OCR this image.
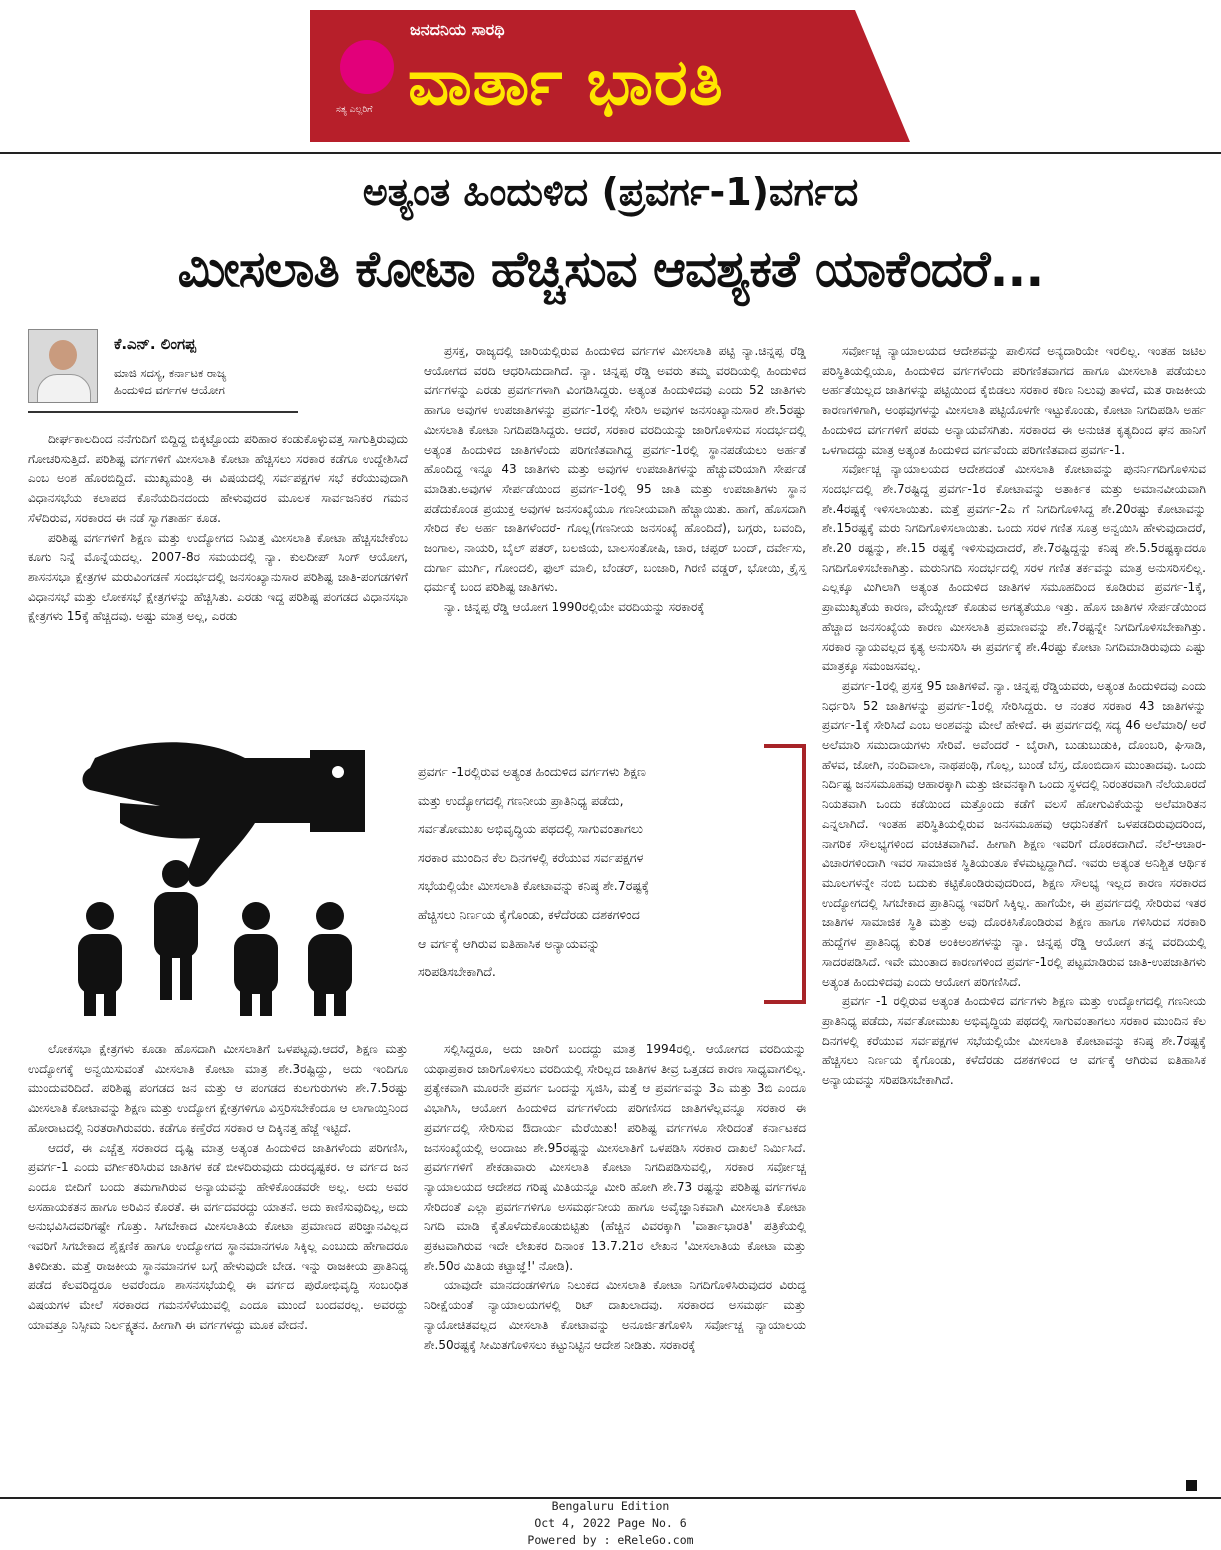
ಸತ್ಯ ಎಲ್ಲರಿಗೆ
ಜನದನಿಯ ಸಾರಥಿ
ವಾರ್ತಾ ಭಾರತಿ
ಅತ್ಯಂತ ಹಿಂದುಳಿದ (ಪ್ರವರ್ಗ-1)ವರ್ಗದ
ಮೀಸಲಾತಿ ಕೋಟಾ ಹೆಚ್ಚಿಸುವ ಆವಶ್ಯಕತೆ ಯಾಕೆಂದರೆ...
ಕೆ.ಎನ್. ಲಿಂಗಪ್ಪ
ಮಾಜಿ ಸದಸ್ಯ, ಕರ್ನಾಟಕ ರಾಜ್ಯ
ಹಿಂದುಳಿದ ವರ್ಗಗಳ ಆಯೋಗ

ದೀರ್ಘಕಾಲದಿಂದ ನನೆಗುದಿಗೆ ಬಿದ್ದಿದ್ದ ಬಿಕ್ಕಟ್ಟೊಂದು ಪರಿಹಾರ ಕಂಡುಕೊಳ್ಳುವತ್ತ ಸಾಗುತ್ತಿರುವುದು ಗೋಚರಿಸುತ್ತಿದೆ. ಪರಿಶಿಷ್ಟ ವರ್ಗಗಳಿಗೆ ಮೀಸಲಾತಿ ಕೋಟಾ ಹೆಚ್ಚಿಸಲು ಸರಕಾರ ಕಡೆಗೂ ಉದ್ದೇಶಿಸಿದೆ ಎಂಬ ಅಂಶ ಹೊರಬಿದ್ದಿದೆ. ಮುಖ್ಯಮಂತ್ರಿ ಈ ವಿಷಯದಲ್ಲಿ ಸರ್ವಪಕ್ಷಗಳ ಸಭೆ ಕರೆಯುವುದಾಗಿ ವಿಧಾನಸಭೆಯ ಕಲಾಪದ ಕೊನೆಯದಿನದಂದು ಹೇಳುವುದರ ಮೂಲಕ ಸಾರ್ವಜನಿಕರ ಗಮನ ಸೆಳೆದಿರುವ, ಸರಕಾರದ ಈ ನಡೆ ಸ್ವಾಗತಾರ್ಹ ಕೂಡ.

ಪರಿಶಿಷ್ಟ ವರ್ಗಗಳಿಗೆ ಶಿಕ್ಷಣ ಮತ್ತು ಉದ್ಯೋಗದ ನಿಮಿತ್ತ ಮೀಸಲಾತಿ ಕೋಟಾ ಹೆಚ್ಚಿಸಬೇಕೆಂಬ ಕೂಗು ನಿನ್ನೆ ಮೊನ್ನೆಯದಲ್ಲ. 2007-8ರ ಸಮಯದಲ್ಲಿ ನ್ಯಾ. ಕುಲದೀಪ್ ಸಿಂಗ್ ಆಯೋಗ, ಶಾಸನಸಭಾ ಕ್ಷೇತ್ರಗಳ ಮರುವಿಂಗಡಣೆ ಸಂದರ್ಭದಲ್ಲಿ ಜನಸಂಖ್ಯಾನುಸಾರ ಪರಿಶಿಷ್ಟ ಜಾತಿ-ಪಂಗಡಗಳಿಗೆ ವಿಧಾನಸಭೆ ಮತ್ತು ಲೋಕಸಭೆ ಕ್ಷೇತ್ರಗಳನ್ನು ಹೆಚ್ಚಿಸಿತು. ಎರಡು ಇದ್ದ ಪರಿಶಿಷ್ಟ ಪಂಗಡದ ವಿಧಾನಸಭಾ ಕ್ಷೇತ್ರಗಳು 15ಕ್ಕೆ ಹೆಚ್ಚಿದವು. ಅಷ್ಟು ಮಾತ್ರ ಅಲ್ಲ, ಎರಡು

ಲೋಕಸಭಾ ಕ್ಷೇತ್ರಗಳು ಕೂಡಾ ಹೊಸದಾಗಿ ಮೀಸಲಾತಿಗೆ ಒಳಪಟ್ಟವು.ಆದರೆ, ಶಿಕ್ಷಣ ಮತ್ತು ಉದ್ಯೋಗಕ್ಕೆ ಅನ್ವಯಿಸುವಂತೆ ಮೀಸಲಾತಿ ಕೋಟಾ ಮಾತ್ರ ಶೇ.3ರಷ್ಟಿದ್ದು, ಅದು ಇಂದಿಗೂ ಮುಂದುವರಿದಿದೆ. ಪರಿಶಿಷ್ಟ ಪಂಗಡದ ಜನ ಮತ್ತು ಆ ಪಂಗಡದ ಕುಲಗುರುಗಳು ಶೇ.7.5ರಷ್ಟು ಮೀಸಲಾತಿ ಕೋಟಾವನ್ನು ಶಿಕ್ಷಣ ಮತ್ತು ಉದ್ಯೋಗ ಕ್ಷೇತ್ರಗಳಿಗೂ ವಿಸ್ತರಿಸಬೇಕೆಂದೂ ಆ ಲಾಗಾಯ್ತಿನಿಂದ ಹೋರಾಟದಲ್ಲಿ ನಿರತರಾಗಿರುವರು. ಕಡೆಗೂ ಕಣ್ತೆರೆದ ಸರಕಾರ ಆ ದಿಕ್ಕಿನತ್ತ ಹೆಜ್ಜೆ ಇಟ್ಟಿದೆ.

ಆದರೆ, ಈ ಎಚ್ಚೆತ್ತ ಸರಕಾರದ ದೃಷ್ಟಿ ಮಾತ್ರ ಅತ್ಯಂತ ಹಿಂದುಳಿದ ಜಾತಿಗಳೆಂದು ಪರಿಗಣಿಸಿ, ಪ್ರವರ್ಗ-1 ಎಂದು ವರ್ಗೀಕರಿಸಿರುವ ಜಾತಿಗಳ ಕಡೆ ಬೀಳದಿರುವುದು ದುರದೃಷ್ಟಕರ. ಆ ವರ್ಗದ ಜನ ಎಂದೂ ಬೀದಿಗೆ ಬಂದು ತಮಗಾಗಿರುವ ಅನ್ಯಾಯವನ್ನು ಹೇಳಿಕೊಂಡವರೇ ಅಲ್ಲ. ಅದು ಅವರ ಅಸಹಾಯಕತನ ಹಾಗೂ ಅರಿವಿನ ಕೊರತೆ. ಈ ವರ್ಗದವರದ್ದು ಯಾತನೆ. ಅದು ಕಾಣಿಸುವುದಿಲ್ಲ, ಅದು ಅನುಭವಿಸಿದವರಿಗಷ್ಟೇ ಗೊತ್ತು. ಸಿಗಬೇಕಾದ ಮೀಸಲಾತಿಯ ಕೋಟಾ ಪ್ರಮಾಣದ ಪರಿಜ್ಞಾನವಿಲ್ಲದ ಇವರಿಗೆ ಸಿಗಬೇಕಾದ ಶೈಕ್ಷಣಿಕ ಹಾಗೂ ಉದ್ಯೋಗದ ಸ್ಥಾನಮಾನಗಳೂ ಸಿಕ್ಕಿಲ್ಲ ಎಂಬುದು ಹೇಗಾದರೂ ತಿಳಿದೀತು. ಮತ್ತೆ ರಾಜಕೀಯ ಸ್ಥಾನಮಾನಗಳ ಬಗ್ಗೆ ಹೇಳುವುದೇ ಬೇಡ. ಇನ್ನು ರಾಜಕೀಯ ಪ್ರಾತಿನಿಧ್ಯ ಪಡೆದ ಕೆಲವರಿದ್ದರೂ ಅವರೆಂದೂ ಶಾಸನಸಭೆಯಲ್ಲಿ ಈ ವರ್ಗದ ಪುರೋಭಿವೃದ್ಧಿ ಸಂಬಂಧಿತ ವಿಷಯಗಳ ಮೇಲೆ ಸರಕಾರದ ಗಮನಸೆಳೆಯುವಲ್ಲಿ ಎಂದೂ ಮುಂದೆ ಬಂದವರಲ್ಲ. ಅವರದ್ದು ಯಾವತ್ತೂ ನಿಸ್ಸೀಮ ನಿರ್ಲಕ್ಷ್ಯತನ. ಹೀಗಾಗಿ ಈ ವರ್ಗಗಳದ್ದು ಮೂಕ ವೇದನೆ.

ಪ್ರಸಕ್ತ, ರಾಜ್ಯದಲ್ಲಿ ಜಾರಿಯಲ್ಲಿರುವ ಹಿಂದುಳಿದ ವರ್ಗಗಳ ಮೀಸಲಾತಿ ಪಟ್ಟಿ ನ್ಯಾ.ಚಿನ್ನಪ್ಪ ರೆಡ್ಡಿ ಆಯೋಗದ ವರದಿ ಆಧರಿಸಿದುದಾಗಿದೆ. ನ್ಯಾ. ಚಿನ್ನಪ್ಪ ರೆಡ್ಡಿ ಅವರು ತಮ್ಮ ವರದಿಯಲ್ಲಿ ಹಿಂದುಳಿದ ವರ್ಗಗಳನ್ನು ಎರಡು ಪ್ರವರ್ಗಗಳಾಗಿ ವಿಂಗಡಿಸಿದ್ದರು. ಅತ್ಯಂತ ಹಿಂದುಳಿದವು ಎಂದು 52 ಜಾತಿಗಳು ಹಾಗೂ ಅವುಗಳ ಉಪಜಾತಿಗಳನ್ನು ಪ್ರವರ್ಗ-1ರಲ್ಲಿ ಸೇರಿಸಿ ಅವುಗಳ ಜನಸಂಖ್ಯಾನುಸಾರ ಶೇ.5ರಷ್ಟು ಮೀಸಲಾತಿ ಕೋಟಾ ನಿಗದಿಪಡಿಸಿದ್ದರು. ಆದರೆ, ಸರಕಾರ ವರದಿಯನ್ನು ಜಾರಿಗೊಳಿಸುವ ಸಂದರ್ಭದಲ್ಲಿ ಅತ್ಯಂತ ಹಿಂದುಳಿದ ಜಾತಿಗಳೆಂದು ಪರಿಗಣಿತವಾಗಿದ್ದ ಪ್ರವರ್ಗ-1ರಲ್ಲಿ ಸ್ಥಾನಪಡೆಯಲು ಅರ್ಹತೆ ಹೊಂದಿದ್ದ ಇನ್ನೂ 43 ಜಾತಿಗಳು ಮತ್ತು ಅವುಗಳ ಉಪಜಾತಿಗಳನ್ನು ಹೆಚ್ಚುವರಿಯಾಗಿ ಸೇರ್ಪಡೆ ಮಾಡಿತು.ಅವುಗಳ ಸೇರ್ಪಡೆಯಿಂದ ಪ್ರವರ್ಗ-1ರಲ್ಲಿ 95 ಜಾತಿ ಮತ್ತು ಉಪಜಾತಿಗಳು ಸ್ಥಾನ ಪಡೆದುಕೊಂಡ ಪ್ರಯುಕ್ತ ಅವುಗಳ ಜನಸಂಖ್ಯೆಯೂ ಗಣನೀಯವಾಗಿ ಹೆಚ್ಚಾಯಿತು. ಹಾಗೆ, ಹೊಸದಾಗಿ ಸೇರಿದ ಕೆಲ ಅರ್ಹ ಜಾತಿಗಳೆಂದರೆ- ಗೊಲ್ಲ(ಗಣನೀಯ ಜನಸಂಖ್ಯೆ ಹೊಂದಿದೆ), ಬಗ್ಗರು, ಬವಂದಿ, ಜಂಗಾಲ, ನಾಯರಿ, ಬೈಲ್ ಪತರ್, ಬಲಜಿಯ, ಬಾಲಸಂತೋಷಿ, ಚಾರ, ಚಪ್ಪರ್ ಬಂದ್, ದರ್ವೇಸು, ದುರ್ಗಾ ಮುರ್ಗಿ, ಗೋಂದಲಿ, ಫುಲ್ ಮಾಲಿ, ಬೆಂಡರ್, ಬಂಜಾರಿ, ಗಿರಣಿ ವಡ್ಡರ್, ಭೋಯಿ, ಕ್ರೈಸ್ತ ಧರ್ಮಕ್ಕೆ ಬಂದ ಪರಿಶಿಷ್ಟ ಜಾತಿಗಳು.

ನ್ಯಾ. ಚಿನ್ನಪ್ಪ ರೆಡ್ಡಿ ಆಯೋಗ 1990ರಲ್ಲಿಯೇ ವರದಿಯನ್ನು ಸರಕಾರಕ್ಕೆ

ಪ್ರವರ್ಗ -1ರಲ್ಲಿರುವ ಅತ್ಯಂತ ಹಿಂದುಳಿದ ವರ್ಗಗಳು ಶಿಕ್ಷಣ
ಮತ್ತು ಉದ್ಯೋಗದಲ್ಲಿ ಗಣನೀಯ ಪ್ರಾತಿನಿಧ್ಯ ಪಡೆದು,
ಸರ್ವತೋಮುಖ ಅಭಿವೃದ್ಧಿಯ ಪಥದಲ್ಲಿ ಸಾಗುವಂತಾಗಲು
ಸರಕಾರ ಮುಂದಿನ ಕೆಲ ದಿನಗಳಲ್ಲಿ ಕರೆಯುವ ಸರ್ವಪಕ್ಷಗಳ
ಸಭೆಯಲ್ಲಿಯೇ ಮೀಸಲಾತಿ ಕೋಟಾವನ್ನು ಕನಿಷ್ಠ ಶೇ.7ರಷ್ಟಕ್ಕೆ
ಹೆಚ್ಚಿಸಲು ನಿರ್ಣಯ ಕೈಗೊಂಡು, ಕಳೆದೆರಡು ದಶಕಗಳಿಂದ
ಆ ವರ್ಗಕ್ಕೆ ಆಗಿರುವ ಐತಿಹಾಸಿಕ ಅನ್ಯಾಯವನ್ನು
ಸರಿಪಡಿಸಬೇಕಾಗಿದೆ.

ಸಲ್ಲಿಸಿದ್ದರೂ, ಅದು ಜಾರಿಗೆ ಬಂದದ್ದು ಮಾತ್ರ 1994ರಲ್ಲಿ. ಆಯೋಗದ ವರದಿಯನ್ನು ಯಥಾಪ್ರಕಾರ ಜಾರಿಗೊಳಿಸಲು ವರದಿಯಲ್ಲಿ ಸೇರಿಲ್ಲದ ಜಾತಿಗಳ ತೀವ್ರ ಒತ್ತಡದ ಕಾರಣ ಸಾಧ್ಯವಾಗಲಿಲ್ಲ. ಪ್ರತ್ಯೇಕವಾಗಿ ಮೂರನೇ ಪ್ರವರ್ಗ ಒಂದನ್ನು ಸೃಜಿಸಿ, ಮತ್ತೆ ಆ ಪ್ರವರ್ಗವನ್ನು 3ಎ ಮತ್ತು 3ಬಿ ಎಂದೂ ವಿಭಾಗಿಸಿ, ಆಯೋಗ ಹಿಂದುಳಿದ ವರ್ಗಗಳೆಂದು ಪರಿಗಣಿಸದ ಜಾತಿಗಳೆಲ್ಲವನ್ನೂ ಸರಕಾರ ಈ ಪ್ರವರ್ಗದಲ್ಲಿ ಸೇರಿಸುವ ಔದಾರ್ಯ ಮೆರೆಯಿತು! ಪರಿಶಿಷ್ಟ ವರ್ಗಗಳೂ ಸೇರಿದಂತೆ ಕರ್ನಾಟಕದ ಜನಸಂಖ್ಯೆಯಲ್ಲಿ ಅಂದಾಜು ಶೇ.95ರಷ್ಟನ್ನು ಮೀಸಲಾತಿಗೆ ಒಳಪಡಿಸಿ ಸರಕಾರ ದಾಖಲೆ ನಿರ್ಮಿಸಿದೆ. ಪ್ರವರ್ಗಗಳಿಗೆ ಶೇಕಡಾವಾರು ಮೀಸಲಾತಿ ಕೋಟಾ ನಿಗದಿಪಡಿಸುವಲ್ಲಿ, ಸರಕಾರ ಸರ್ವೋಚ್ಚ ನ್ಯಾಯಾಲಯದ ಆದೇಶದ ಗರಿಷ್ಠ ಮಿತಿಯನ್ನೂ ಮೀರಿ ಹೋಗಿ ಶೇ.73 ರಷ್ಟನ್ನು ಪರಿಶಿಷ್ಟ ವರ್ಗಗಳೂ ಸೇರಿದಂತೆ ಎಲ್ಲಾ ಪ್ರವರ್ಗಗಳಿಗೂ ಅಸಮರ್ಥನೀಯ ಹಾಗೂ ಅವೈಜ್ಞಾನಿಕವಾಗಿ ಮೀಸಲಾತಿ ಕೋಟಾ ನಿಗದಿ ಮಾಡಿ ಕೈತೊಳೆದುಕೊಂಡುಬಿಟ್ಟಿತು (ಹೆಚ್ಚಿನ ವಿವರಕ್ಕಾಗಿ 'ವಾರ್ತಾಭಾರತಿ' ಪತ್ರಿಕೆಯಲ್ಲಿ ಪ್ರಕಟವಾಗಿರುವ ಇದೇ ಲೇಖಕರ ದಿನಾಂಕ 13.7.21ರ ಲೇಖನ 'ಮೀಸಲಾತಿಯ ಕೋಟಾ ಮತ್ತು ಶೇ.50ರ ಮಿತಿಯ ಕಟ್ಟಾಜ್ಞೆ!' ನೋಡಿ).

ಯಾವುದೇ ಮಾನದಂಡಗಳಿಗೂ ನಿಲುಕದ ಮೀಸಲಾತಿ ಕೋಟಾ ನಿಗದಿಗೊಳಿಸಿರುವುದರ ವಿರುದ್ಧ ನಿರೀಕ್ಷೆಯಂತೆ ನ್ಯಾಯಾಲಯಗಳಲ್ಲಿ ರಿಟ್ ದಾಖಲಾದವು. ಸರಕಾರದ ಅಸಮರ್ಥ ಮತ್ತು ನ್ಯಾಯೋಚಿತವಲ್ಲದ ಮೀಸಲಾತಿ ಕೋಟಾವನ್ನು ಅನೂರ್ಜಿತಗೊಳಿಸಿ ಸರ್ವೋಚ್ಚ ನ್ಯಾಯಾಲಯ ಶೇ.50ರಷ್ಟಕ್ಕೆ ಸೀಮಿತಗೊಳಿಸಲು ಕಟ್ಟುನಿಟ್ಟಿನ ಆದೇಶ ನೀಡಿತು. ಸರಕಾರಕ್ಕೆ

ಸರ್ವೋಚ್ಚ ನ್ಯಾಯಾಲಯದ ಆದೇಶವನ್ನು ಪಾಲಿಸದೆ ಅನ್ಯದಾರಿಯೇ ಇರಲಿಲ್ಲ. ಇಂತಹ ಜಟಿಲ ಪರಿಸ್ಥಿತಿಯಲ್ಲಿಯೂ, ಹಿಂದುಳಿದ ವರ್ಗಗಳೆಂದು ಪರಿಗಣಿತವಾಗದ ಹಾಗೂ ಮೀಸಲಾತಿ ಪಡೆಯಲು ಅರ್ಹತೆಯಿಲ್ಲದ ಜಾತಿಗಳನ್ನು ಪಟ್ಟಿಯಿಂದ ಕೈಬಿಡಲು ಸರಕಾರ ಕಠಿಣ ನಿಲುವು ತಾಳದೆ, ಮತ ರಾಜಕೀಯ ಕಾರಣಗಳಿಗಾಗಿ, ಅಂಥವುಗಳನ್ನು ಮೀಸಲಾತಿ ಪಟ್ಟಿಯೊಳಗೇ ಇಟ್ಟುಕೊಂಡು, ಕೋಟಾ ನಿಗದಿಪಡಿಸಿ ಅರ್ಹ ಹಿಂದುಳಿದ ವರ್ಗಗಳಿಗೆ ಪರಮ ಅನ್ಯಾಯವೆಸಗಿತು. ಸರಕಾರದ ಈ ಅನುಚಿತ ಕೃತ್ಯದಿಂದ ಘನ ಹಾನಿಗೆ ಒಳಗಾದದ್ದು ಮಾತ್ರ ಅತ್ಯಂತ ಹಿಂದುಳಿದ ವರ್ಗವೆಂದು ಪರಿಗಣಿತವಾದ ಪ್ರವರ್ಗ-1.

ಸರ್ವೋಚ್ಚ ನ್ಯಾಯಾಲಯದ ಆದೇಶದಂತೆ ಮೀಸಲಾತಿ ಕೋಟಾವನ್ನು ಪುನರ್ನಿಗದಿಗೊಳಿಸುವ ಸಂದರ್ಭದಲ್ಲಿ ಶೇ.7ರಷ್ಟಿದ್ದ ಪ್ರವರ್ಗ-1ರ ಕೋಟಾವನ್ನು ಅತಾರ್ಕಿಕ ಮತ್ತು ಅಮಾನವೀಯವಾಗಿ ಶೇ.4ರಷ್ಟಕ್ಕೆ ಇಳಿಸಲಾಯಿತು. ಮತ್ತೆ ಪ್ರವರ್ಗ-2ಎ ಗೆ ನಿಗದಿಗೊಳಿಸಿದ್ದ ಶೇ.20ರಷ್ಟು ಕೋಟಾವನ್ನು ಶೇ.15ರಷ್ಟಕ್ಕೆ ಮರು ನಿಗದಿಗೊಳಿಸಲಾಯಿತು. ಒಂದು ಸರಳ ಗಣಿತ ಸೂತ್ರ ಅನ್ವಯಿಸಿ ಹೇಳುವುದಾದರೆ, ಶೇ.20 ರಷ್ಟನ್ನು, ಶೇ.15 ರಷ್ಟಕ್ಕೆ ಇಳಿಸುವುದಾದರೆ, ಶೇ.7ರಷ್ಟಿದ್ದನ್ನು ಕನಿಷ್ಠ ಶೇ.5.5ರಷ್ಟಕ್ಕಾದರೂ ನಿಗದಿಗೊಳಿಸಬೇಕಾಗಿತ್ತು. ಮರುನಿಗದಿ ಸಂದರ್ಭದಲ್ಲಿ ಸರಳ ಗಣಿತ ತರ್ಕವನ್ನು ಮಾತ್ರ ಅನುಸರಿಸಲಿಲ್ಲ. ಎಲ್ಲಕ್ಕೂ ಮಿಗಿಲಾಗಿ ಅತ್ಯಂತ ಹಿಂದುಳಿದ ಜಾತಿಗಳ ಸಮೂಹದಿಂದ ಕೂಡಿರುವ ಪ್ರವರ್ಗ-1ಕ್ಕೆ, ಪ್ರಾಮುಖ್ಯತೆಯ ಕಾರಣ, ವೇಯ್ಟೇಜ್ ಕೊಡುವ ಅಗತ್ಯತೆಯೂ ಇತ್ತು. ಹೊಸ ಜಾತಿಗಳ ಸೇರ್ಪಡೆಯಿಂದ ಹೆಚ್ಚಾದ ಜನಸಂಖ್ಯೆಯ ಕಾರಣ ಮೀಸಲಾತಿ ಪ್ರಮಾಣವನ್ನು ಶೇ.7ರಷ್ಟನ್ನೇ ನಿಗದಿಗೊಳಿಸಬೇಕಾಗಿತ್ತು. ಸರಕಾರ ನ್ಯಾಯವಲ್ಲದ ಕೃತ್ಯ ಅನುಸರಿಸಿ ಈ ಪ್ರವರ್ಗಕ್ಕೆ ಶೇ.4ರಷ್ಟು ಕೋಟಾ ನಿಗದಿಮಾಡಿರುವುದು ಎಷ್ಟು ಮಾತ್ರಕ್ಕೂ ಸಮಂಜಸವಲ್ಲ.

ಪ್ರವರ್ಗ-1ರಲ್ಲಿ ಪ್ರಸಕ್ತ 95 ಜಾತಿಗಳಿವೆ. ನ್ಯಾ. ಚಿನ್ನಪ್ಪ ರೆಡ್ಡಿಯವರು, ಅತ್ಯಂತ ಹಿಂದುಳಿದವು ಎಂದು ನಿರ್ಧರಿಸಿ 52 ಜಾತಿಗಳನ್ನು ಪ್ರವರ್ಗ-1ರಲ್ಲಿ ಸೇರಿಸಿದ್ದರು. ಆ ನಂತರ ಸರಕಾರ 43 ಜಾತಿಗಳನ್ನು ಪ್ರವರ್ಗ-1ಕ್ಕೆ ಸೇರಿಸಿದೆ ಎಂಬ ಅಂಶವನ್ನು ಮೇಲೆ ಹೇಳಿದೆ. ಈ ಪ್ರವರ್ಗದಲ್ಲಿ ಸದ್ಯ 46 ಅಲೆಮಾರಿ/ ಅರೆ ಅಲೆಮಾರಿ ಸಮುದಾಯಗಳು ಸೇರಿವೆ. ಅವೆಂದರೆ - ಬೈರಾಗಿ, ಬುಡುಬುಡುಕಿ, ದೊಂಬರಿ, ಘಿಸಾಡಿ, ಹೆಳವ, ಜೋಗಿ, ನಂದಿವಾಲಾ, ನಾಥಪಂಥಿ, ಗೊಲ್ಲ, ಬುಂಡೆ ಬೆಸ್ತ, ದೊಂಬಿದಾಸ ಮುಂತಾದವು. ಒಂದು ನಿರ್ದಿಷ್ಟ ಜನಸಮೂಹವು ಆಹಾರಕ್ಕಾಗಿ ಮತ್ತು ಜೀವನಕ್ಕಾಗಿ ಒಂದು ಸ್ಥಳದಲ್ಲಿ ನಿರಂತರವಾಗಿ ನೆಲೆಯೂರದೆ ನಿಯತವಾಗಿ ಒಂದು ಕಡೆಯಿಂದ ಮತ್ತೊಂದು ಕಡೆಗೆ ವಲಸೆ ಹೋಗುವಿಕೆಯನ್ನು ಅಲೆಮಾರಿತನ ಎನ್ನಲಾಗಿದೆ. ಇಂತಹ ಪರಿಸ್ಥಿತಿಯಲ್ಲಿರುವ ಜನಸಮೂಹವು ಆಧುನಿಕತೆಗೆ ಒಳಪಡದಿರುವುದರಿಂದ, ನಾಗರಿಕ ಸೌಲಭ್ಯಗಳಿಂದ ವಂಚಿತವಾಗಿವೆ. ಹೀಗಾಗಿ ಶಿಕ್ಷಣ ಇವರಿಗೆ ದೊರಕದಾಗಿದೆ. ನೆಲೆ-ಆಚಾರ-ವಿಚಾರಗಳಿಂದಾಗಿ ಇವರ ಸಾಮಾಜಿಕ ಸ್ಥಿತಿಯಂತೂ ಕೆಳಮಟ್ಟದ್ದಾಗಿದೆ. ಇವರು ಅತ್ಯಂತ ಅನಿಶ್ಚಿತ ಆರ್ಥಿಕ ಮೂಲಗಳನ್ನೇ ನಂಬಿ ಬದುಕು ಕಟ್ಟಿಕೊಂಡಿರುವುದರಿಂದ, ಶಿಕ್ಷಣ ಸೌಲಭ್ಯ ಇಲ್ಲದ ಕಾರಣ ಸರಕಾರದ ಉದ್ಯೋಗದಲ್ಲಿ ಸಿಗಬೇಕಾದ ಪ್ರಾತಿನಿಧ್ಯ ಇವರಿಗೆ ಸಿಕ್ಕಿಲ್ಲ. ಹಾಗೆಯೇ, ಈ ಪ್ರವರ್ಗದಲ್ಲಿ ಸೇರಿರುವ ಇತರ ಜಾತಿಗಳ ಸಾಮಾಜಿಕ ಸ್ಥಿತಿ ಮತ್ತು ಅವು ದೊರಕಿಸಿಕೊಂಡಿರುವ ಶಿಕ್ಷಣ ಹಾಗೂ ಗಳಿಸಿರುವ ಸರಕಾರಿ ಹುದ್ದೆಗಳ ಪ್ರಾತಿನಿಧ್ಯ ಕುರಿತ ಅಂಕಿಅಂಶಗಳನ್ನು ನ್ಯಾ. ಚಿನ್ನಪ್ಪ ರೆಡ್ಡಿ ಆಯೋಗ ತನ್ನ ವರದಿಯಲ್ಲಿ ಸಾದರಪಡಿಸಿದೆ. ಇವೇ ಮುಂತಾದ ಕಾರಣಗಳಿಂದ ಪ್ರವರ್ಗ-1ರಲ್ಲಿ ಪಟ್ಟಮಾಡಿರುವ ಜಾತಿ-ಉಪಜಾತಿಗಳು ಅತ್ಯಂತ ಹಿಂದುಳಿದವು ಎಂದು ಆಯೋಗ ಪರಿಗಣಿಸಿದೆ.

ಪ್ರವರ್ಗ -1 ರಲ್ಲಿರುವ ಅತ್ಯಂತ ಹಿಂದುಳಿದ ವರ್ಗಗಳು ಶಿಕ್ಷಣ ಮತ್ತು ಉದ್ಯೋಗದಲ್ಲಿ ಗಣನೀಯ ಪ್ರಾತಿನಿಧ್ಯ ಪಡೆದು, ಸರ್ವತೋಮುಖ ಅಭಿವೃದ್ಧಿಯ ಪಥದಲ್ಲಿ ಸಾಗುವಂತಾಗಲು ಸರಕಾರ ಮುಂದಿನ ಕೆಲ ದಿನಗಳಲ್ಲಿ ಕರೆಯುವ ಸರ್ವಪಕ್ಷಗಳ ಸಭೆಯಲ್ಲಿಯೇ ಮೀಸಲಾತಿ ಕೋಟಾವನ್ನು ಕನಿಷ್ಠ ಶೇ.7ರಷ್ಟಕ್ಕೆ ಹೆಚ್ಚಿಸಲು ನಿರ್ಣಯ ಕೈಗೊಂಡು, ಕಳೆದೆರಡು ದಶಕಗಳಿಂದ ಆ ವರ್ಗಕ್ಕೆ ಆಗಿರುವ ಐತಿಹಾಸಿಕ ಅನ್ಯಾಯವನ್ನು ಸರಿಪಡಿಸಬೇಕಾಗಿದೆ.

Bengaluru Edition
Oct 4, 2022 Page No. 6
Powered by : eReleGo.com
